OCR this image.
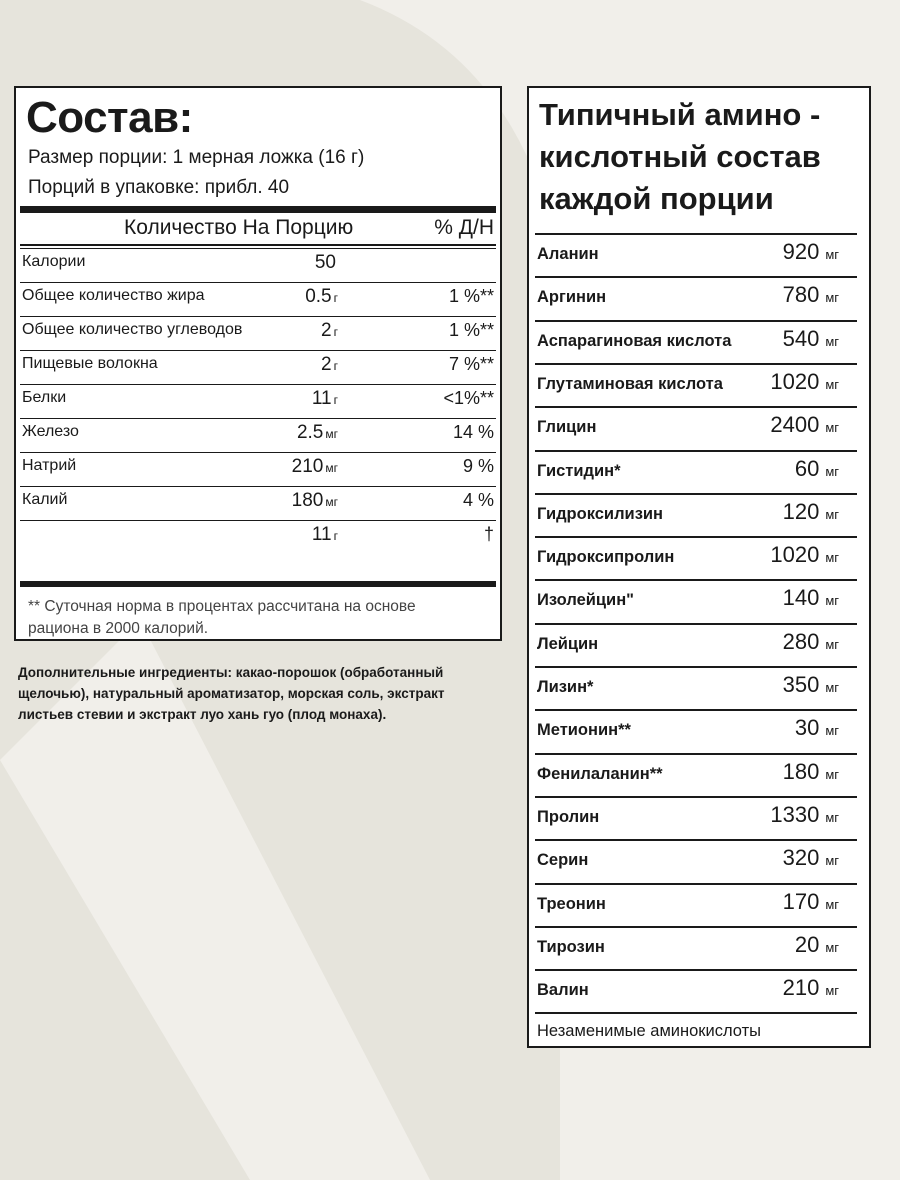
Состав:
Размер порции: 1 мерная ложка (16 г)
Порций в упаковке: прибл. 40
Количество На Порцию	% Д/Н
Калории	50
Общее количество жира	0.5 г	1 %**
Общее количество углеводов	2 г	1 %**
Пищевые волокна	2 г	7 %**
Белки	11 г	<1%**
Железо	2.5 мг	14 %
Натрий	210 мг	9 %
Калий	180 мг	4 %
11 г	†
** Суточная норма в процентах рассчитана на основе рациона в 2000 калорий.
Дополнительные ингредиенты: какао-порошок (обработанный щелочью), натуральный ароматизатор, морская соль, экстракт листьев стевии и экстракт луо хань гуо (плод монаха).
Типичный амино - кислотный состав каждой порции
Аланин	920 мг
Аргинин	780 мг
Аспарагиновая кислота 540 мг
Глутаминовая кислота 1020 мг
Глицин	2400 мг
Гистидин*	60 мг
Гидроксилизин	120 мг
Гидроксипролин	1020 мг
Изолейцин"	140 мг
Лейцин	280 мг
Лизин*	350 мг
Метионин**	30 мг
Фенилаланин**	180 мг
Пролин	1330 мг
Серин	320 мг
Треонин	170 мг
Тирозин	20 мг
Валин	210 мг
Незаменимые аминокислоты
